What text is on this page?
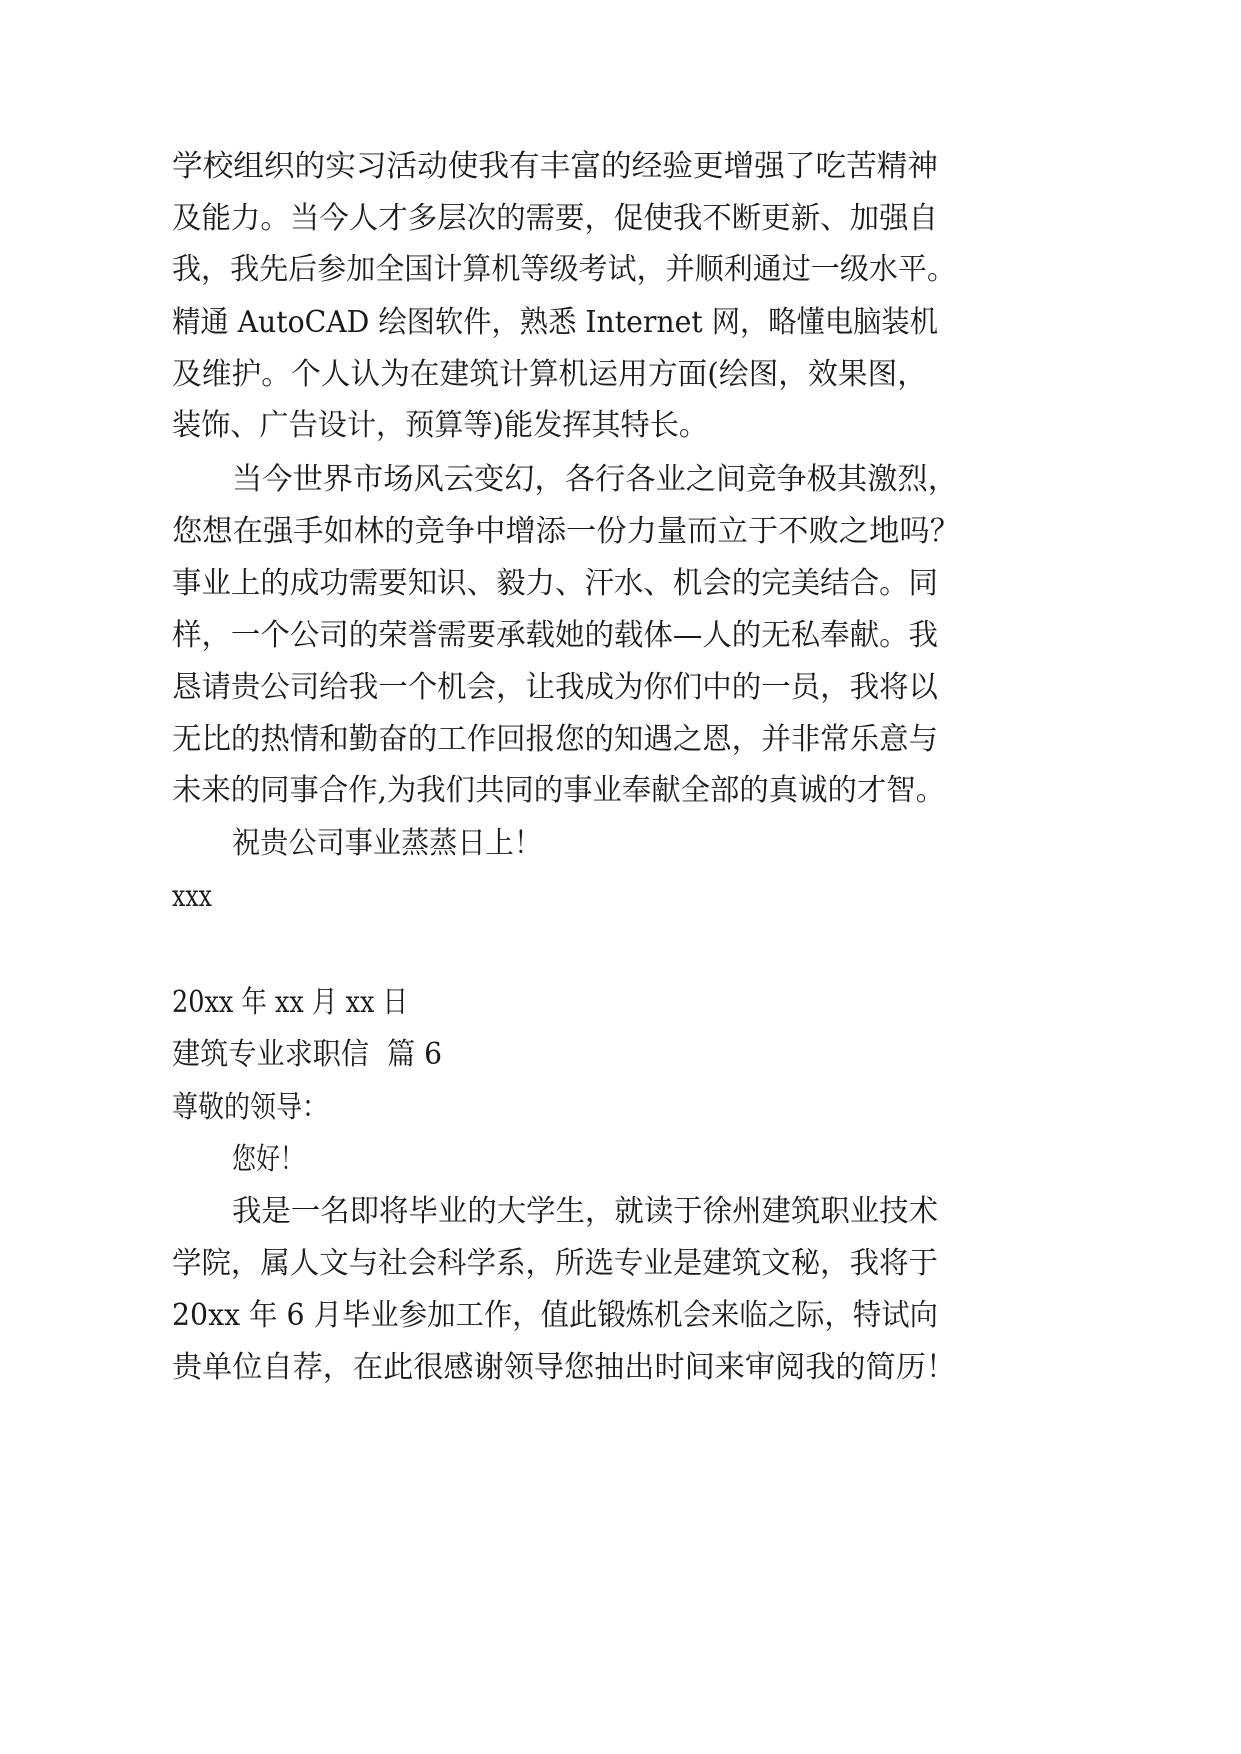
学校组织的实习活动使我有丰富的经验更增强了吃苦精神
及能力。当今人才多层次的需要，促使我不断更新、加强自
我，我先后参加全国计算机等级考试，并顺利通过一级水平。
精通 AutoCAD 绘图软件，熟悉 Internet 网，略懂电脑装机
及维护。个人认为在建筑计算机运用方面(绘图，效果图，
装饰、广告设计，预算等)能发挥其特长。
当今世界市场风云变幻，各行各业之间竞争极其激烈，
您想在强手如林的竞争中增添一份力量而立于不败之地吗？
事业上的成功需要知识、毅力、汗水、机会的完美结合。同
样，一个公司的荣誉需要承载她的载体—人的无私奉献。我
恳请贵公司给我一个机会，让我成为你们中的一员，我将以
无比的热情和勤奋的工作回报您的知遇之恩，并非常乐意与
未来的同事合作,为我们共同的事业奉献全部的真诚的才智。
祝贵公司事业蒸蒸日上！
xxx
20xx 年 xx 月 xx 日
建筑专业求职信  篇 6
尊敬的领导：
您好！
我是一名即将毕业的大学生，就读于徐州建筑职业技术
学院，属人文与社会科学系，所选专业是建筑文秘，我将于
20xx 年 6 月毕业参加工作，值此锻炼机会来临之际，特试向
贵单位自荐，在此很感谢领导您抽出时间来审阅我的简历！
